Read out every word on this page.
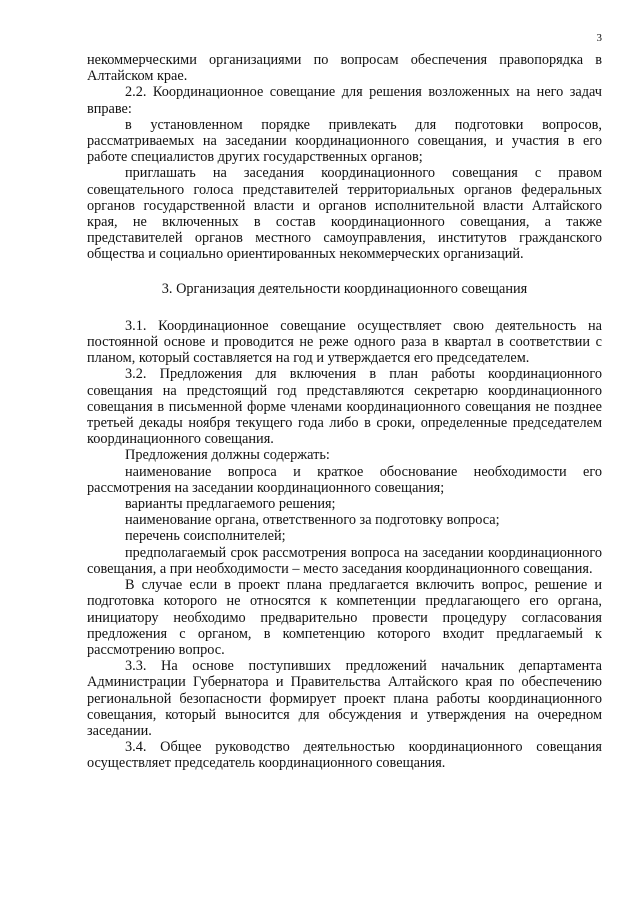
3

некоммерческими организациями по вопросам обеспечения правопорядка в Алтайском крае.

2.2. Координационное совещание для решения возложенных на него задач вправе:

в установленном порядке привлекать для подготовки вопросов, рассматриваемых на заседании координационного совещания, и участия в его работе специалистов других государственных органов;

приглашать на заседания координационного совещания с правом совещательного голоса представителей территориальных органов федеральных органов государственной власти и органов исполнительной власти Алтайского края, не включенных в состав координационного совещания, а также представителей органов местного самоуправления, институтов гражданского общества и социально ориентированных некоммерческих организаций.

3. Организация деятельности координационного совещания

3.1. Координационное совещание осуществляет свою деятельность на постоянной основе и проводится не реже одного раза в квартал в соответствии с планом, который составляется на год и утверждается его председателем.

3.2. Предложения для включения в план работы координационного совещания на предстоящий год представляются секретарю координационного совещания в письменной форме членами координационного совещания не позднее третьей декады ноября текущего года либо в сроки, определенные председателем координационного совещания.

Предложения должны содержать:

наименование вопроса и краткое обоснование необходимости его рассмотрения на заседании координационного совещания;

варианты предлагаемого решения;

наименование органа, ответственного за подготовку вопроса;

перечень соисполнителей;

предполагаемый срок рассмотрения вопроса на заседании координационного совещания, а при необходимости – место заседания координационного совещания.

В случае если в проект плана предлагается включить вопрос, решение и подготовка которого не относятся к компетенции предлагающего его органа, инициатору необходимо предварительно провести процедуру согласования предложения с органом, в компетенцию которого входит предлагаемый к рассмотрению вопрос.

3.3. На основе поступивших предложений начальник департамента Администрации Губернатора и Правительства Алтайского края по обеспечению региональной безопасности формирует проект плана работы координационного совещания, который выносится для обсуждения и утверждения на очередном заседании.

3.4. Общее руководство деятельностью координационного совещания осуществляет председатель координационного совещания.
